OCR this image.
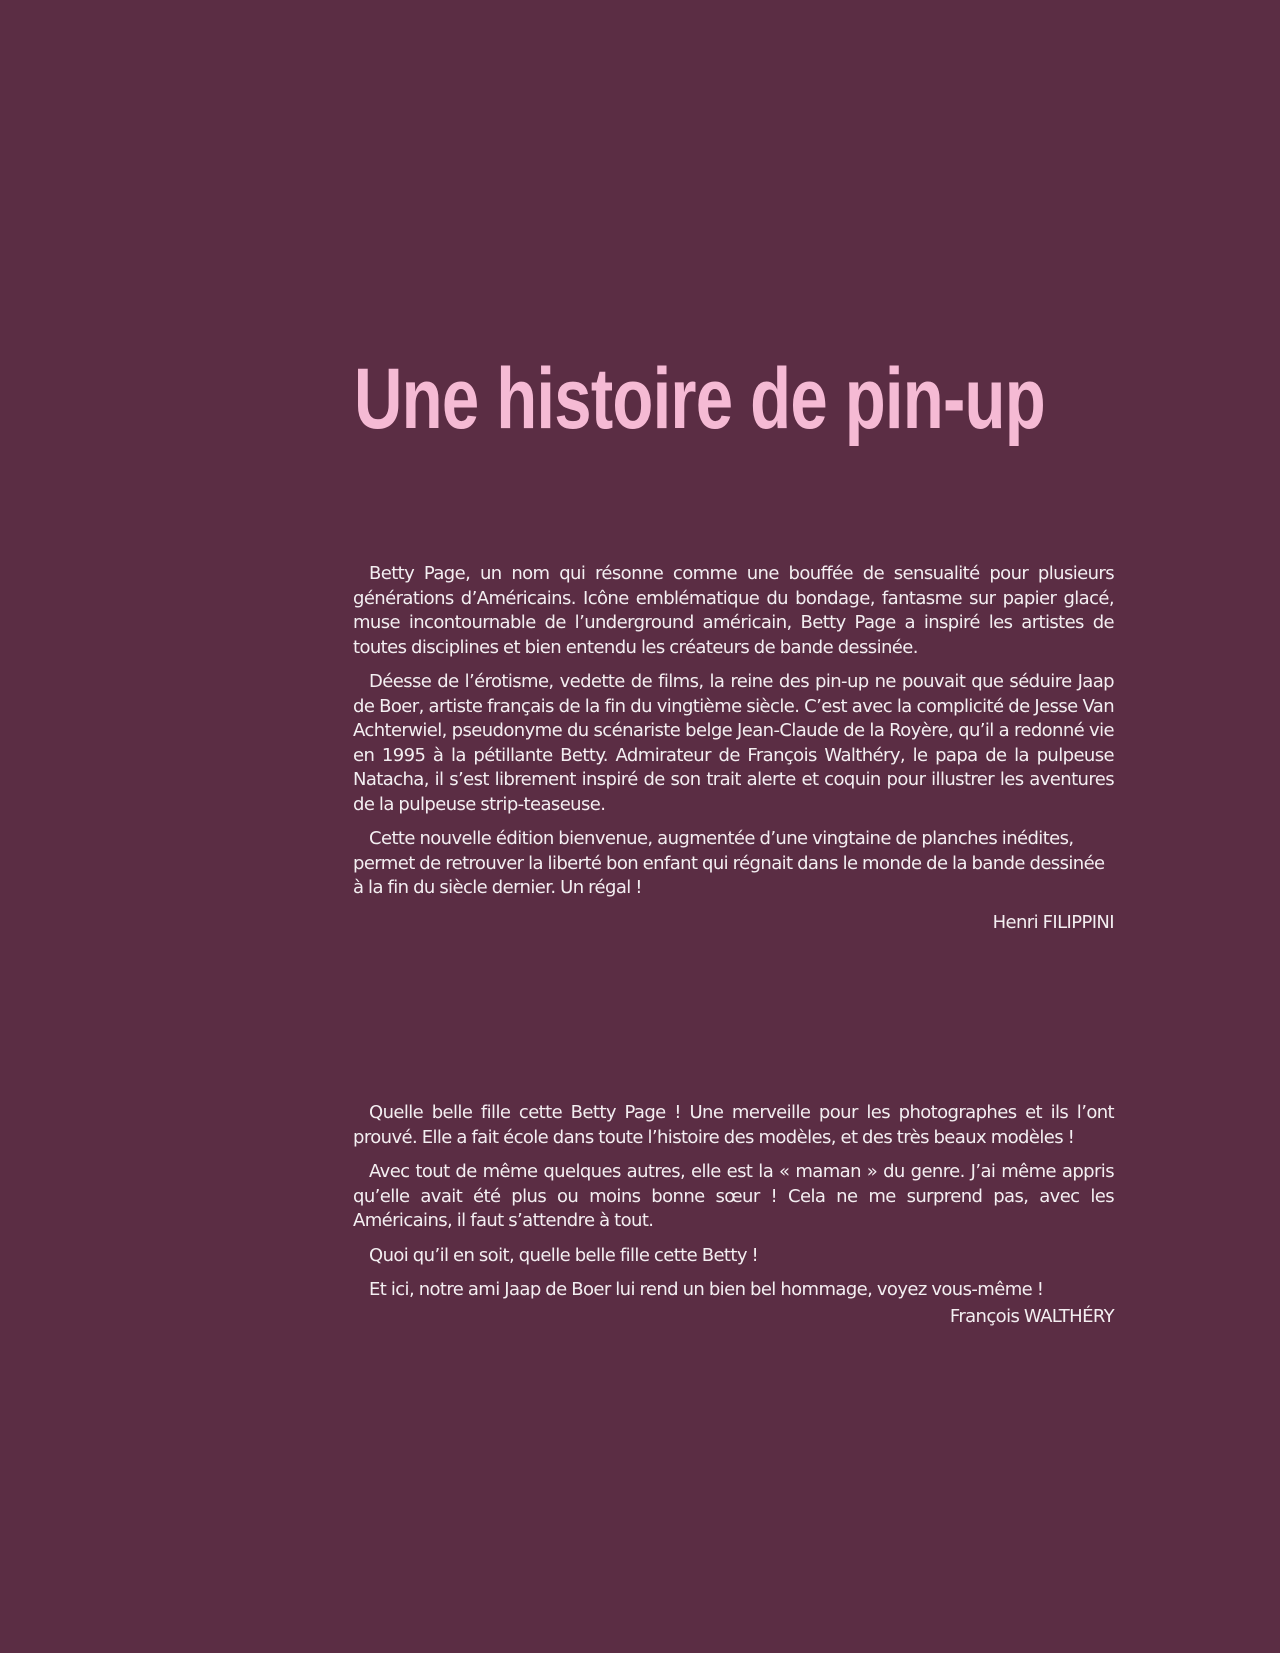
Une histoire de pin-up

Betty Page, un nom qui résonne comme une bouffée de sensualité pour plusieurs générations d’Américains. Icône emblématique du bondage, fantasme sur papier glacé, muse incontournable de l’underground américain, Betty Page a inspiré les artistes de toutes disciplines et bien entendu les créateurs de bande dessinée.

Déesse de l’érotisme, vedette de films, la reine des pin-up ne pouvait que séduire Jaap de Boer, artiste français de la fin du vingtième siècle. C’est avec la complicité de Jesse Van Achterwiel, pseudonyme du scénariste belge Jean-Claude de la Royère, qu’il a redonné vie en 1995 à la pétillante Betty. Admirateur de François Walthéry, le papa de la pulpeuse Natacha, il s’est librement inspiré de son trait alerte et coquin pour illustrer les aventures de la pulpeuse strip-teaseuse.

Cette nouvelle édition bienvenue, augmentée d’une vingtaine de planches inédites, permet de retrouver la liberté bon enfant qui régnait dans le monde de la bande dessinée à la fin du siècle dernier. Un régal !

Henri FILIPPINI

Quelle belle fille cette Betty Page ! Une merveille pour les photographes et ils l’ont prouvé. Elle a fait école dans toute l’histoire des modèles, et des très beaux modèles !

Avec tout de même quelques autres, elle est la « maman » du genre. J’ai même appris qu’elle avait été plus ou moins bonne sœur ! Cela ne me surprend pas, avec les Américains, il faut s’attendre à tout.

Quoi qu’il en soit, quelle belle fille cette Betty !

Et ici, notre ami Jaap de Boer lui rend un bien bel hommage, voyez vous-même !

François WALTHÉRY
